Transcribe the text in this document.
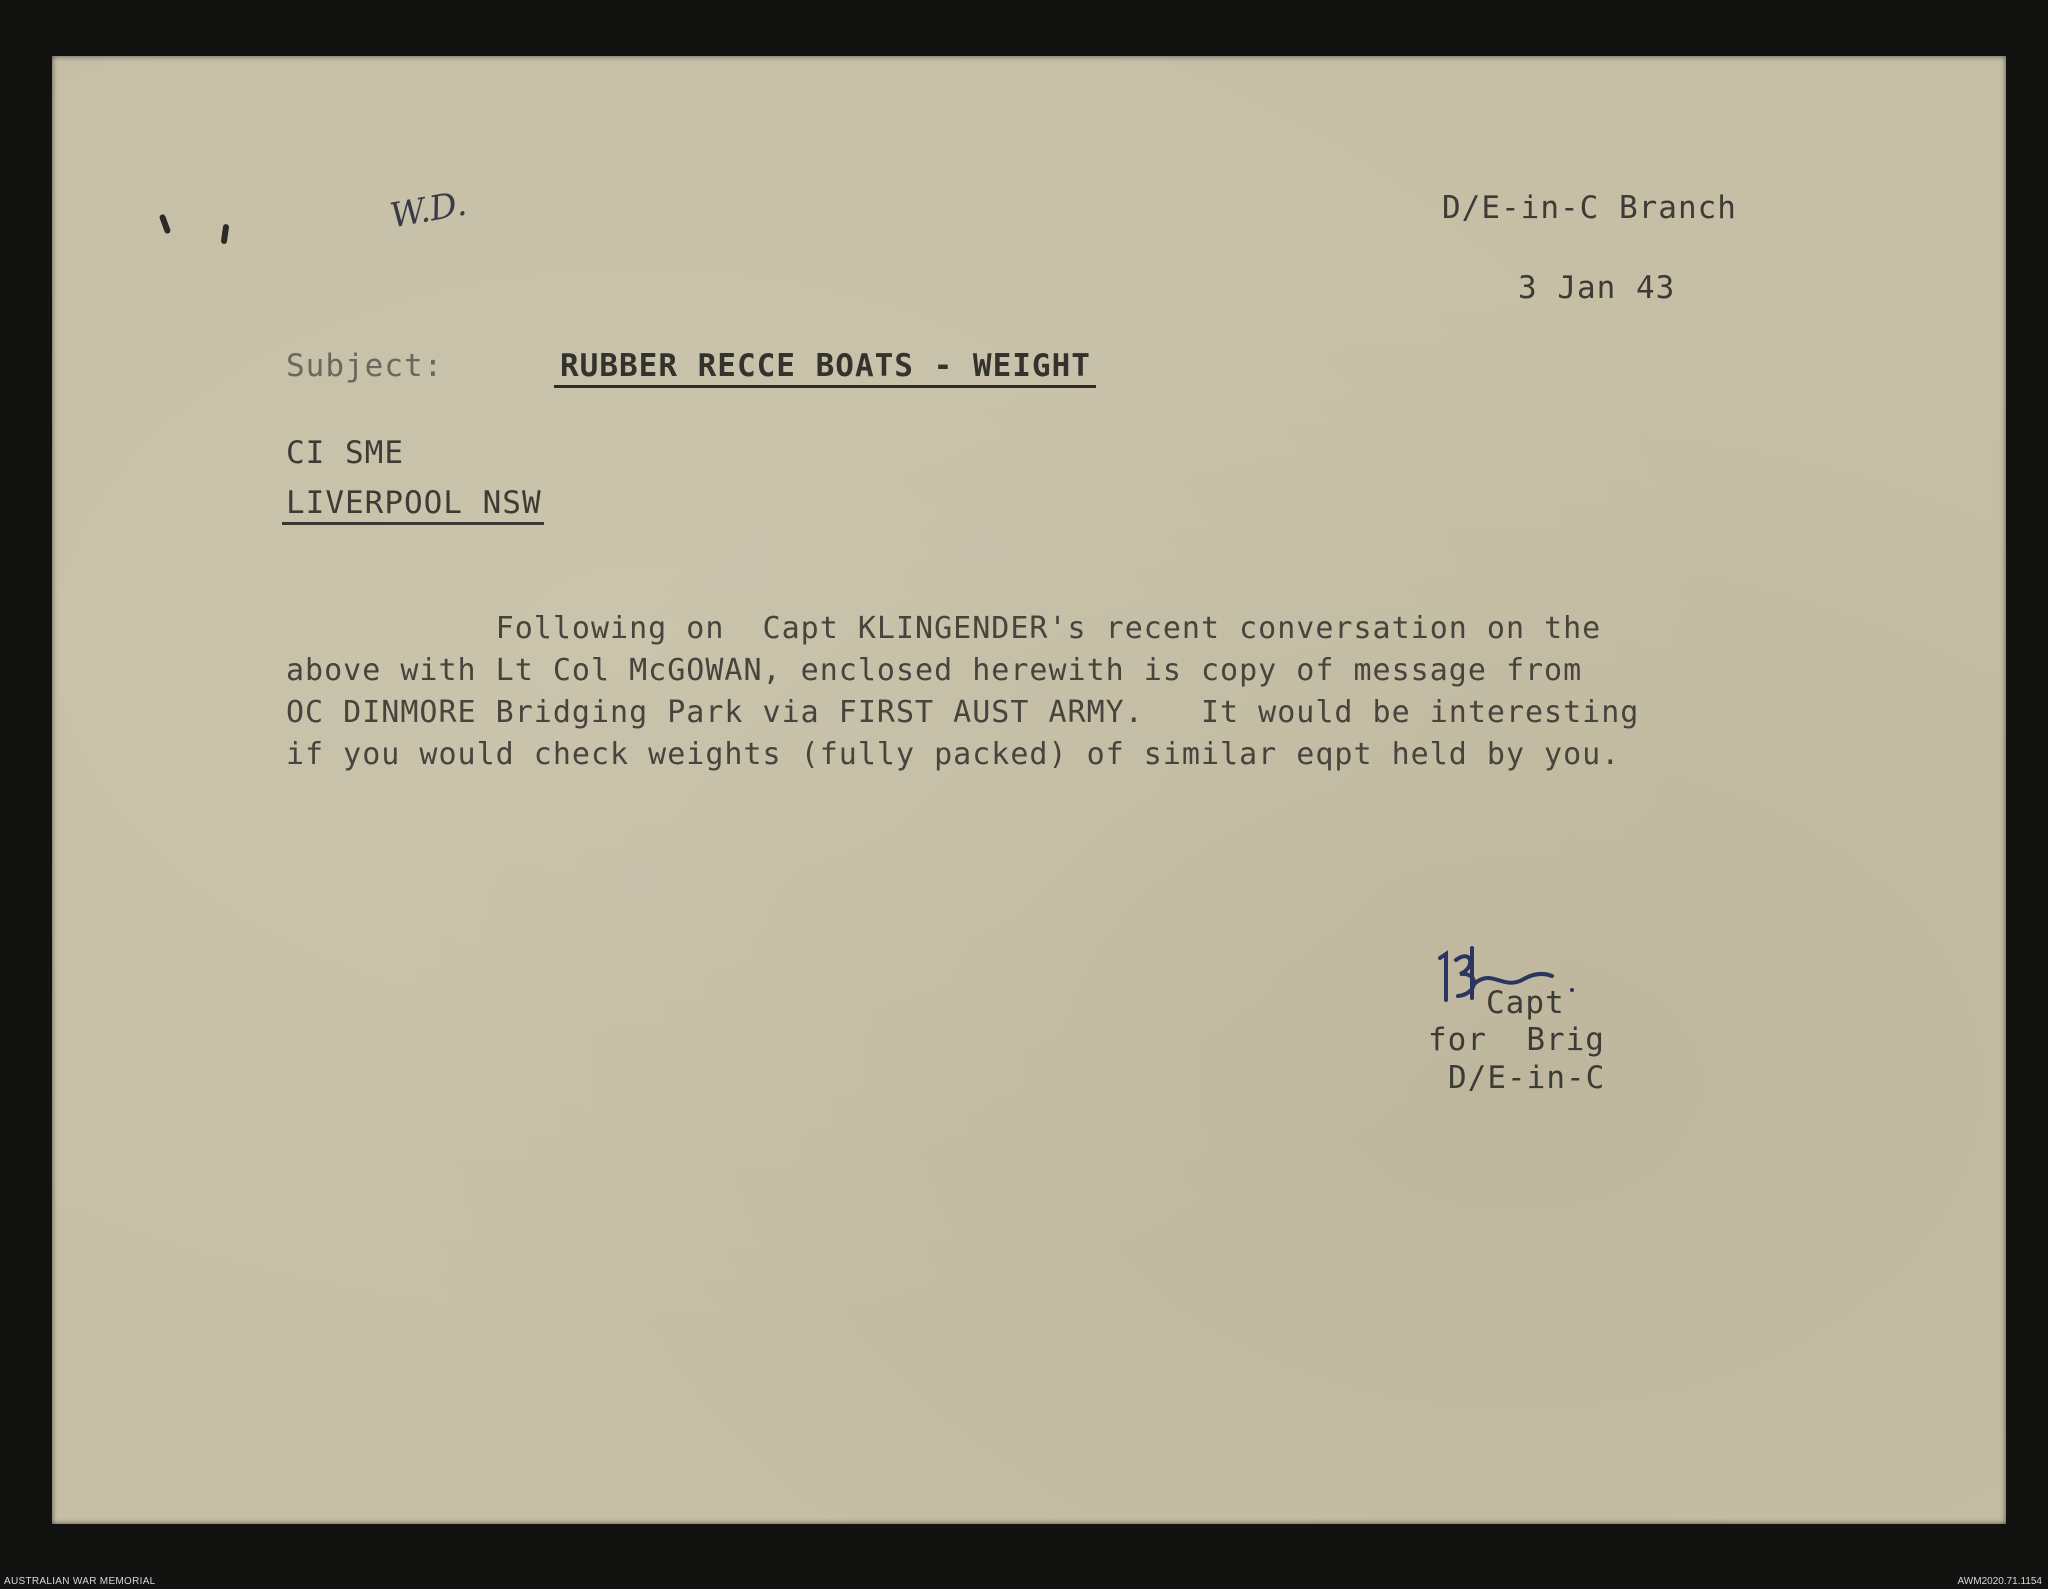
W.D.	D/E-in-C Branch
3 Jan 43
Subject:	RUBBER RECCE BOATS - WEIGHT
CI SME
LIVERPOOL NSW
Following on  Capt KLINGENDER's recent conversation on the
above with Lt Col McGOWAN, enclosed herewith is copy of message from
OC DINMORE Bridging Park via FIRST AUST ARMY.   It would be interesting
if you would check weights (fully packed) of similar eqpt held by you.
Capt
for  Brig
D/E-in-C
AUSTRALIAN WAR MEMORIAL	AWM2020.71.1154
